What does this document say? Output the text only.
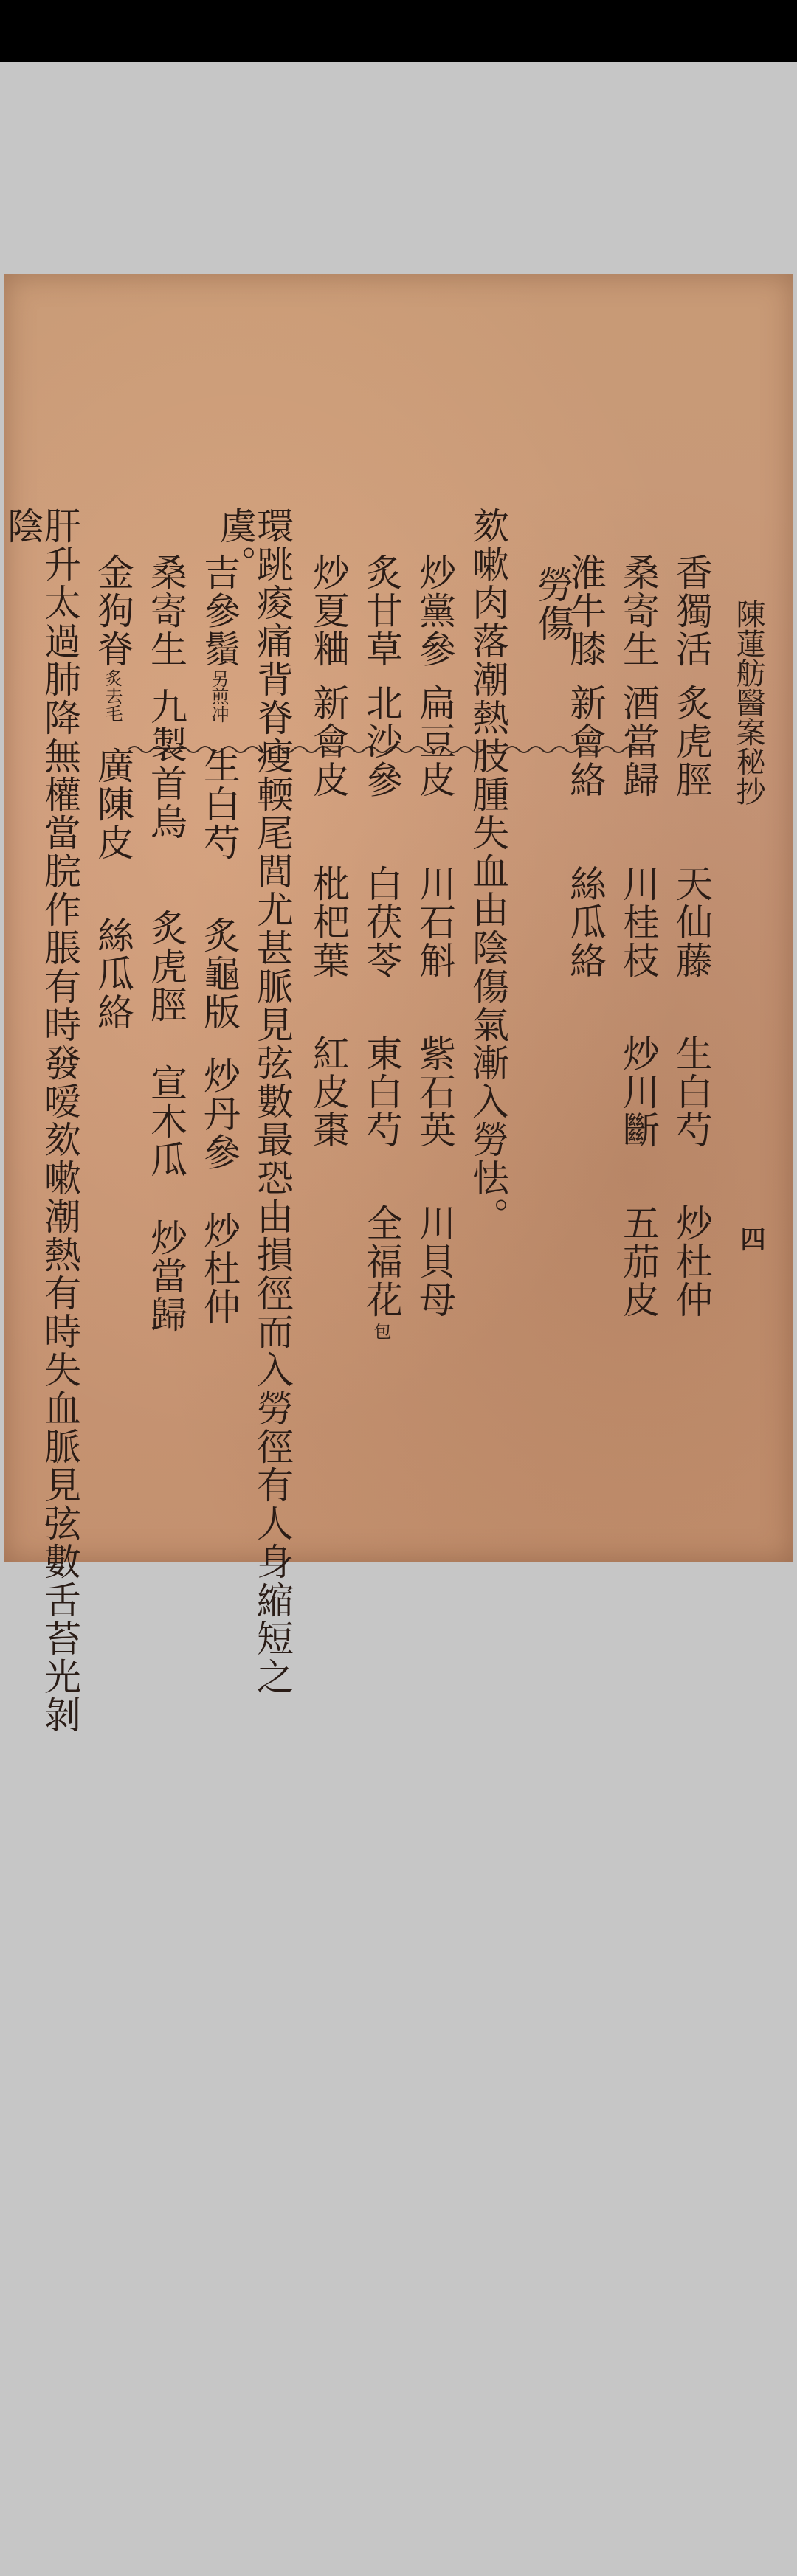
陳蓮舫醫案秘抄
四
香獨活
炙虎脛
天仙藤
生白芍
炒杜仲
桑寄生
酒當歸
川桂枝
炒川斷
五茄皮
淮牛膝
新會絡
絲瓜絡
勞傷
欬嗽肉落潮熱肢腫失血由陰傷氣漸入勞怯。
炒黨參
扁豆皮
川石斛
紫石英
川貝母
炙甘草
北沙參
白茯苓
東白芍
全福花
包
炒夏粬
新會皮
枇杷葉
紅皮棗
環跳痠痛背脊瘦輭尾閭尤甚脈見弦數最恐由損徑而入勞徑有人身縮短之虞。
吉參鬚
另煎冲
生白芍
炙龜版
炒丹參
炒杜仲
桑寄生
九製首烏
炙虎脛
宣木瓜
炒當歸
金狗脊
炙去毛
廣陳皮
絲瓜絡
肝升太過肺降無權當脘作脹有時發嗳欬嗽潮熱有時失血脈見弦數舌苔光剝陰
